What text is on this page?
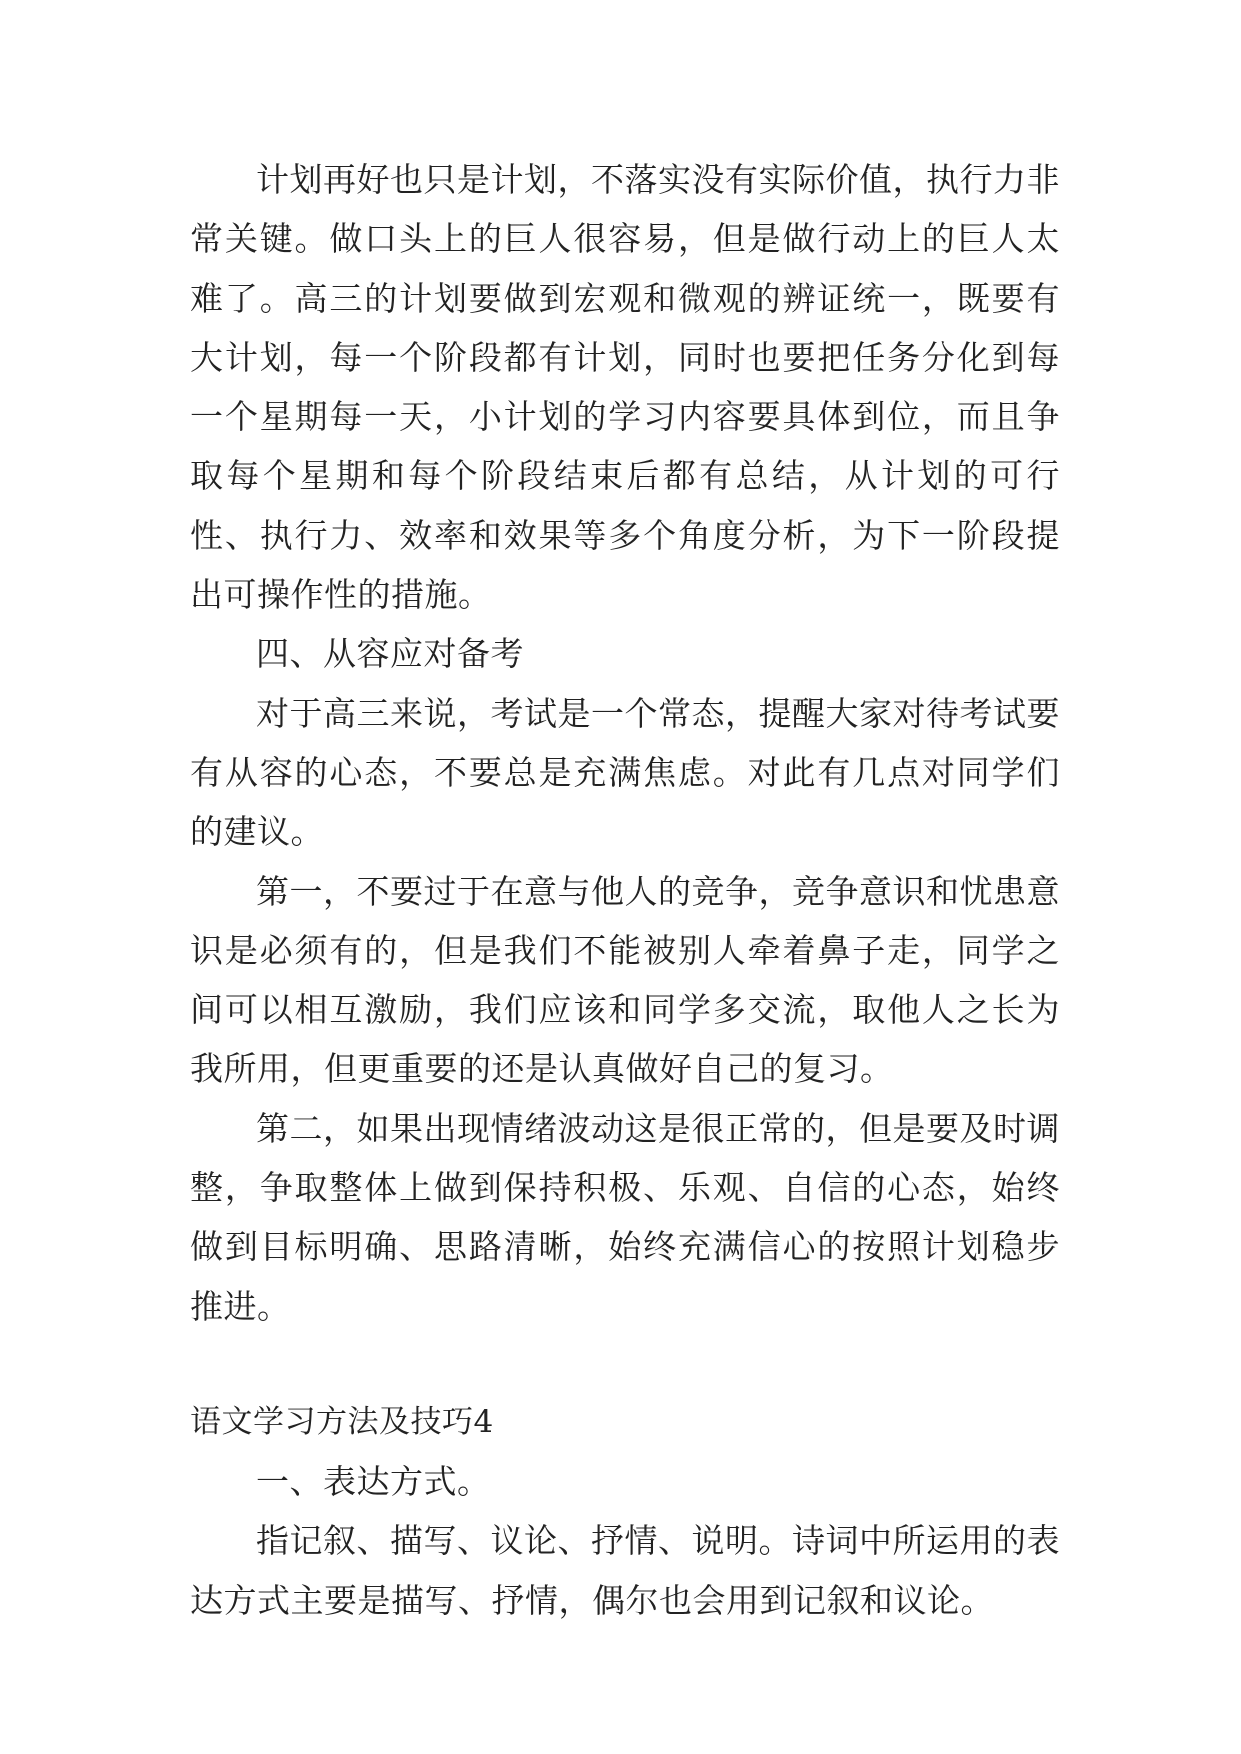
计划再好也只是计划，不落实没有实际价值，执行力非常关键。做口头上的巨人很容易，但是做行动上的巨人太难了。高三的计划要做到宏观和微观的辨证统一，既要有大计划，每一个阶段都有计划，同时也要把任务分化到每一个星期每一天，小计划的学习内容要具体到位，而且争取每个星期和每个阶段结束后都有总结，从计划的可行性、执行力、效率和效果等多个角度分析，为下一阶段提出可操作性的措施。

四、从容应对备考

对于高三来说，考试是一个常态，提醒大家对待考试要有从容的心态，不要总是充满焦虑。对此有几点对同学们的建议。

第一，不要过于在意与他人的竞争，竞争意识和忧患意识是必须有的，但是我们不能被别人牵着鼻子走，同学之间可以相互激励，我们应该和同学多交流，取他人之长为我所用，但更重要的还是认真做好自己的复习。

第二，如果出现情绪波动这是很正常的，但是要及时调整，争取整体上做到保持积极、乐观、自信的心态，始终做到目标明确、思路清晰，始终充满信心的按照计划稳步推进。

语文学习方法及技巧4

一、表达方式。

指记叙、描写、议论、抒情、说明。诗词中所运用的表达方式主要是描写、抒情，偶尔也会用到记叙和议论。
